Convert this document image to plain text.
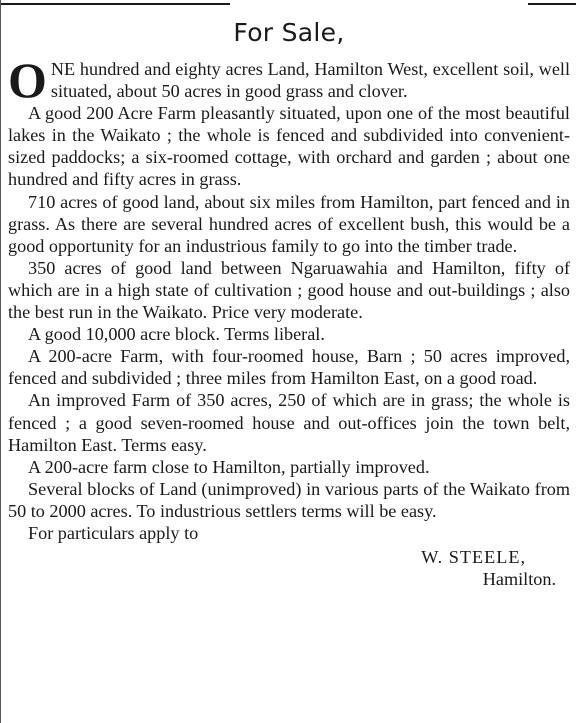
For Sale,

ONE hundred and eighty acres Land, Hamilton West, excellent soil, well situated, about 50 acres in good grass and clover.

A good 200 Acre Farm pleasantly situated, upon one of the most beautiful lakes in the Waikato ; the whole is fenced and subdivided into convenient-sized paddocks; a six-roomed cottage, with orchard and garden ; about one hundred and fifty acres in grass.

710 acres of good land, about six miles from Hamilton, part fenced and in grass. As there are several hundred acres of excellent bush, this would be a good opportunity for an industrious family to go into the timber trade.

350 acres of good land between Ngaruawahia and Hamilton, fifty of which are in a high state of cultivation ; good house and out-buildings ; also the best run in the Waikato. Price very moderate.

A good 10,000 acre block. Terms liberal.

A 200-acre Farm, with four-roomed house, Barn ; 50 acres improved, fenced and subdivided ; three miles from Hamilton East, on a good road.

An improved Farm of 350 acres, 250 of which are in grass; the whole is fenced ; a good seven-roomed house and out-offices join the town belt, Hamilton East. Terms easy.

A 200-acre farm close to Hamilton, partially improved.

Several blocks of Land (unimproved) in various parts of the Waikato from 50 to 2000 acres. To industrious settlers terms will be easy.

For particulars apply to

W. STEELE,

Hamilton.
